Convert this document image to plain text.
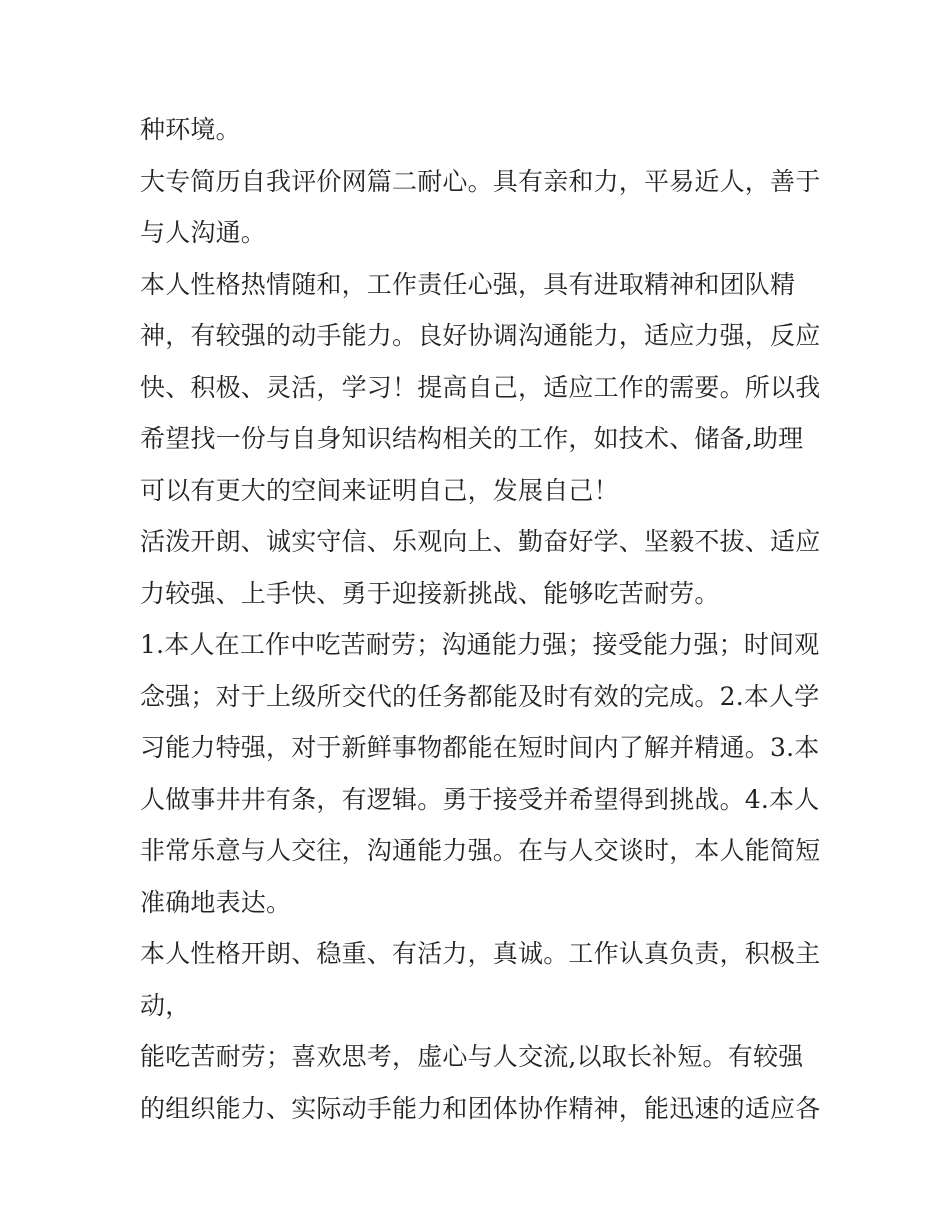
种环境。
大专简历自我评价网篇二耐心。具有亲和力，平易近人，善于
与人沟通。
本人性格热情随和，工作责任心强，具有进取精神和团队精
神，有较强的动手能力。良好协调沟通能力，适应力强，反应
快、积极、灵活，学习！提高自己，适应工作的需要。所以我
希望找一份与自身知识结构相关的工作，如技术、储备,助理
可以有更大的空间来证明自己，发展自己！
活泼开朗、诚实守信、乐观向上、勤奋好学、坚毅不拔、适应
力较强、上手快、勇于迎接新挑战、能够吃苦耐劳。
1.本人在工作中吃苦耐劳；沟通能力强；接受能力强；时间观
念强；对于上级所交代的任务都能及时有效的完成。2.本人学
习能力特强，对于新鲜事物都能在短时间内了解并精通。3.本
人做事井井有条，有逻辑。勇于接受并希望得到挑战。4.本人
非常乐意与人交往，沟通能力强。在与人交谈时，本人能简短
准确地表达。
本人性格开朗、稳重、有活力，真诚。工作认真负责，积极主
动，
能吃苦耐劳；喜欢思考，虚心与人交流,以取长补短。有较强
的组织能力、实际动手能力和团体协作精神，能迅速的适应各
